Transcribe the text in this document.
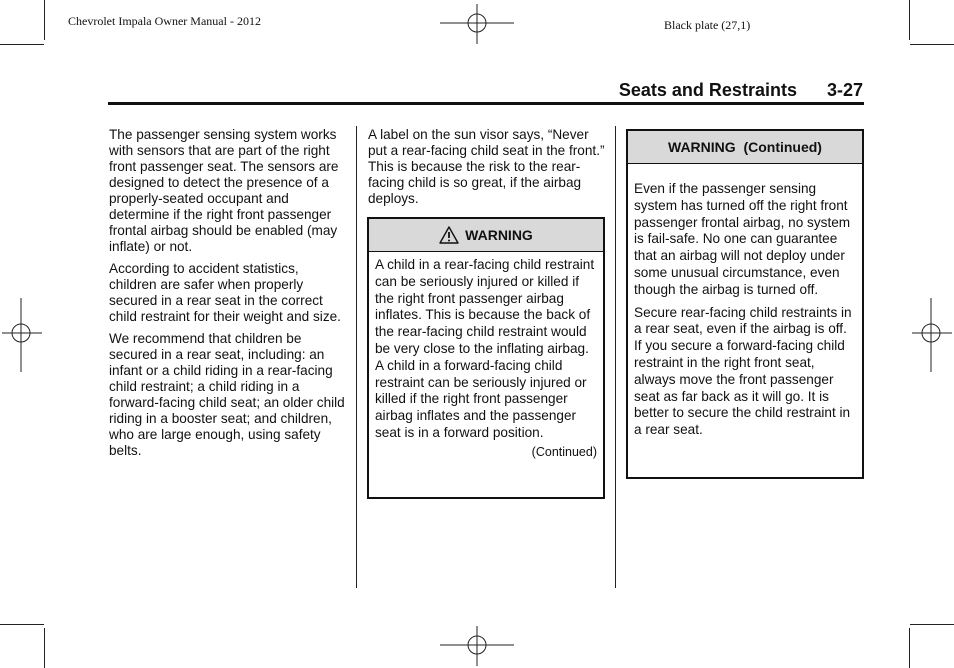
Chevrolet Impala Owner Manual - 2012	Black plate (27,1)
Seats and Restraints 3-27

The passenger sensing system works with sensors that are part of the right front passenger seat. The sensors are designed to detect the presence of a properly-seated occupant and determine if the right front passenger frontal airbag should be enabled (may inflate) or not.

According to accident statistics, children are safer when properly secured in a rear seat in the correct child restraint for their weight and size.

We recommend that children be secured in a rear seat, including: an infant or a child riding in a rear-facing child restraint; a child riding in a forward-facing child seat; an older child riding in a booster seat; and children, who are large enough, using safety belts.

A label on the sun visor says, “Never put a rear-facing child seat in the front.” This is because the risk to the rear-facing child is so great, if the airbag deploys.

WARNING

A child in a rear-facing child restraint can be seriously injured or killed if the right front passenger airbag inflates. This is because the back of the rear-facing child restraint would be very close to the inflating airbag. A child in a forward-facing child restraint can be seriously injured or killed if the right front passenger airbag inflates and the passenger seat is in a forward position.

(Continued)
WARNING  (Continued)

Even if the passenger sensing system has turned off the right front passenger frontal airbag, no system is fail-safe. No one can guarantee that an airbag will not deploy under some unusual circumstance, even though the airbag is turned off.

Secure rear-facing child restraints in a rear seat, even if the airbag is off. If you secure a forward-facing child restraint in the right front seat, always move the front passenger seat as far back as it will go. It is better to secure the child restraint in a rear seat.
